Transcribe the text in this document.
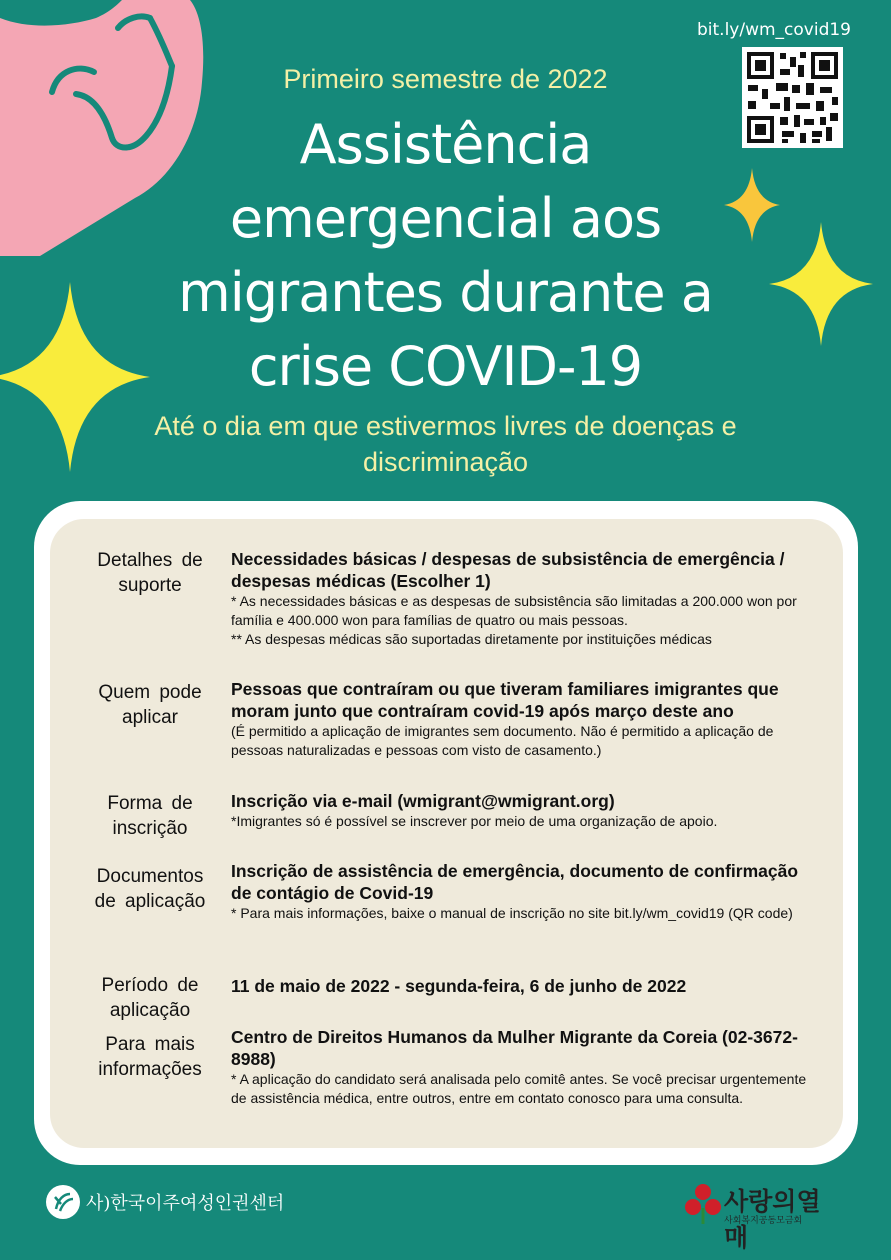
bit.ly/wm_covid19
Primeiro semestre de 2022
Assistência
emergencial aos
migrantes durante a
crise COVID-19
Até o dia em que estivermos livres de doenças e
discriminação
Detalhes de
suporte
Necessidades básicas / despesas de subsistência de emergência / despesas médicas (Escolher 1)
* As necessidades básicas e as despesas de subsistência são limitadas a 200.000 won por família e 400.000 won para famílias de quatro ou mais pessoas.
** As despesas médicas são suportadas diretamente por instituições médicas
Quem pode
aplicar
Pessoas que contraíram ou que tiveram familiares imigrantes que moram junto que contraíram covid-19 após março deste ano
(É permitido a aplicação de imigrantes sem documento. Não é permitido a aplicação de pessoas naturalizadas e pessoas com visto de casamento.)
Forma de
inscrição
Inscrição via e-mail (wmigrant@wmigrant.org)
*Imigrantes só é possível se inscrever por meio de uma organização de apoio.
Documentos
de aplicação
Inscrição de assistência de emergência, documento de confirmação de contágio de Covid-19
* Para mais informações, baixe o manual de inscrição no site bit.ly/wm_covid19 (QR code)
Período de
aplicação
11 de maio de 2022 - segunda-feira, 6 de junho de 2022
Para mais
informações
Centro de Direitos Humanos da Mulher Migrante da Coreia (02-3672-8988)
* A aplicação do candidato será analisada pelo comitê antes. Se você precisar urgentemente de assistência médica, entre outros, entre em contato conosco para uma consulta.
사)한국이주여성인권센터	사랑의열매
사회복지공동모금회
